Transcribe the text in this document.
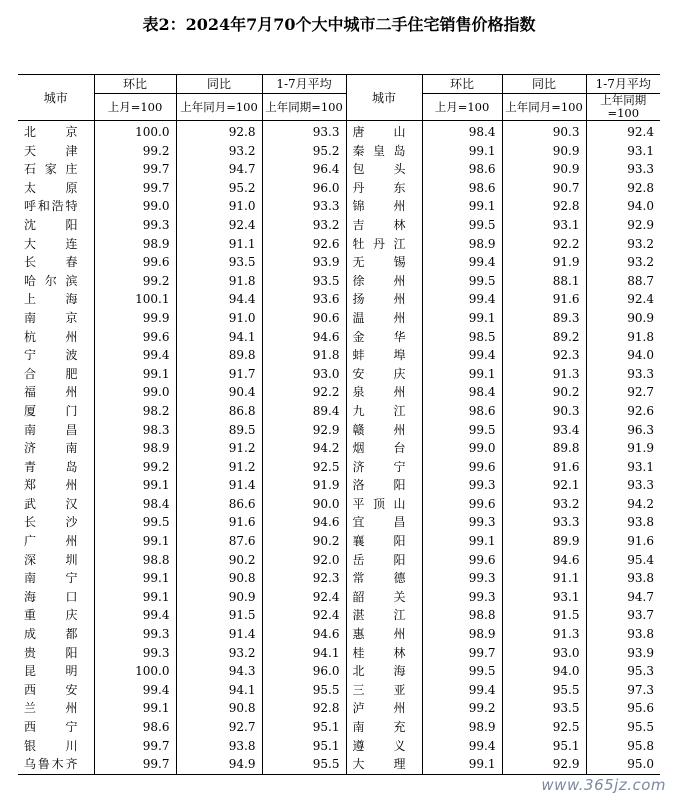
表2：2024年7月70个大中城市二手住宅销售价格指数
城市	环比	同比	1-7月平均	城市	环比	同比	1-7月平均
	上月=100	上年同月=100	上年同期=100		上月=100	上年同月=100	上年同期=100
北京	100.0	92.8	93.3	唐山	98.4	90.3	92.4
天津	99.2	93.2	95.2	秦皇岛	99.1	90.9	93.1
石家庄	99.7	94.7	96.4	包头	98.6	90.9	93.3
太原	99.7	95.2	96.0	丹东	98.6	90.7	92.8
呼和浩特	99.0	91.0	93.3	锦州	99.1	92.8	94.0
沈阳	99.3	92.4	93.2	吉林	99.5	93.1	92.9
大连	98.9	91.1	92.6	牡丹江	98.9	92.2	93.2
长春	99.6	93.5	93.9	无锡	99.4	91.9	93.2
哈尔滨	99.2	91.8	93.5	徐州	99.5	88.1	88.7
上海	100.1	94.4	93.6	扬州	99.4	91.6	92.4
南京	99.9	91.0	90.6	温州	99.1	89.3	90.9
杭州	99.6	94.1	94.6	金华	98.5	89.2	91.8
宁波	99.4	89.8	91.8	蚌埠	99.4	92.3	94.0
合肥	99.1	91.7	93.0	安庆	99.1	91.3	93.3
福州	99.0	90.4	92.2	泉州	98.4	90.2	92.7
厦门	98.2	86.8	89.4	九江	98.6	90.3	92.6
南昌	98.3	89.5	92.9	赣州	99.5	93.4	96.3
济南	98.9	91.2	94.2	烟台	99.0	89.8	91.9
青岛	99.2	91.2	92.5	济宁	99.6	91.6	93.1
郑州	99.1	91.4	91.9	洛阳	99.3	92.1	93.3
武汉	98.4	86.6	90.0	平顶山	99.6	93.2	94.2
长沙	99.5	91.6	94.6	宜昌	99.3	93.3	93.8
广州	99.1	87.6	90.2	襄阳	99.1	89.9	91.6
深圳	98.8	90.2	92.0	岳阳	99.6	94.6	95.4
南宁	99.1	90.8	92.3	常德	99.3	91.1	93.8
海口	99.1	90.9	92.4	韶关	99.3	93.1	94.7
重庆	99.4	91.5	92.4	湛江	98.8	91.5	93.7
成都	99.3	91.4	94.6	惠州	98.9	91.3	93.8
贵阳	99.3	93.2	94.1	桂林	99.7	93.0	93.9
昆明	100.0	94.3	96.0	北海	99.5	94.0	95.3
西安	99.4	94.1	95.5	三亚	99.4	95.5	97.3
兰州	99.1	90.8	92.8	泸州	99.2	93.5	95.6
西宁	98.6	92.7	95.1	南充	98.9	92.5	95.5
银川	99.7	93.8	95.1	遵义	99.4	95.1	95.8
乌鲁木齐	99.7	94.9	95.5	大理	99.1	92.9	95.0
www.365jz.com
